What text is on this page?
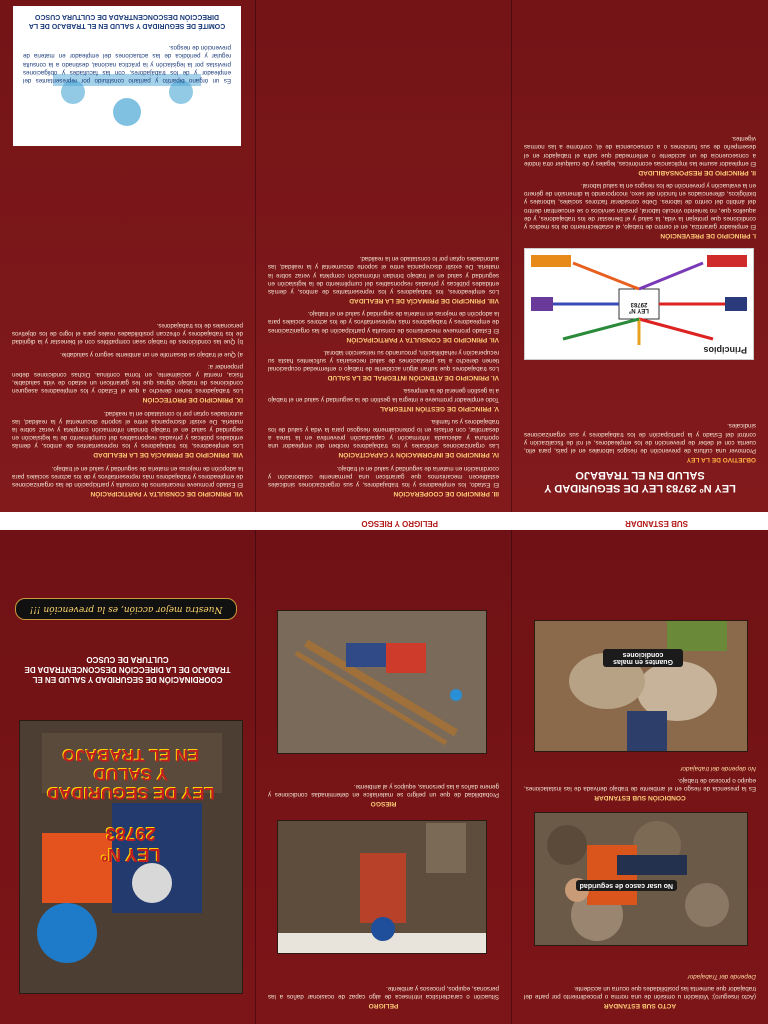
ACTO SUB ESTANDAR

(Acto inseguro): Violación u omisión de una norma o procedimiento por parte del trabajador que aumenta las posibilidades que ocurra un accidente.

Depende del Trabajador

No usar casco de seguridad
CONDICIÓN SUB ESTANDAR

Es la presencia de riesgo en el ambiente de trabajo derivada de las instalaciones, equipo o proceso de trabajo.

No depende del trabajador

Guantes en malas condiciones
PELIGRO

Situación o característica intrínseca de algo capaz de ocasionar daños a las personas, equipos, procesos y ambiente.

RIESGO

Probabilidad de que un peligro se materialice en determinadas condiciones y genere daños a las personas, equipos y al ambiente.

LEY Nº
29783
LEY DE SEGURIDAD
Y SALUD
EN EL TRABAJO
COORDINACIÓN DE SEGURIDAD Y SALUD EN EL TRABAJO DE LA DIRECCIÓN DESCONCENTRADA DE CULTURA DE CUSCO
Nuestra mejor acción, es la prevención !!!
PELIGRO Y RIESGO	SUB ESTANDAR
LEY Nº 29783 LEY DE SEGURIDAD Y SALUD EN EL TRABAJO
OBJETIVO DE LA LEY

Promover una cultura de prevención de riesgos laborales en el país, para ello, cuenta con el deber de prevención de los empleadores, el rol de fiscalización y control del Estado y la participación de los trabajadores y sus organizaciones sindicales.

Principios
LEY Nº 29783
I. PRINCIPIO DE PREVENCIÓN

El empleador garantiza, en el centro de trabajo, el establecimiento de los medios y condiciones que protejan la vida, la salud y el bienestar de los trabajadores, y de aquellos que, no teniendo vínculo laboral, prestan servicios o se encuentran dentro del ámbito del centro de labores. Debe considerar factores sociales, laborales y biológicos, diferenciados en función del sexo, incorporando la dimensión de género en la evaluación y prevención de los riesgos en la salud laboral.

II. PRINCIPIO DE RESPONSABILIDAD

El empleador asume las implicancias económicas, legales y de cualquier otra índole a consecuencia de un accidente o enfermedad que sufra el trabajador en el desempeño de sus funciones o a consecuencia de él, conforme a las normas vigentes.

III. PRINCIPIO DE COOPERACIÓN

El Estado, los empleadores y los trabajadores, y sus organizaciones sindicales establecen mecanismos que garanticen una permanente colaboración y coordinación en materia de seguridad y salud en el trabajo.

IV. PRINCIPIO DE INFORMACIÓN Y CAPACITACIÓN

Las organizaciones sindicales y los trabajadores reciben del empleador una oportuna y adecuada información y capacitación preventiva en la tarea a desarrollar, con énfasis en lo potencialmente riesgoso para la vida y salud de los trabajadores y su familia.

V. PRINCIPIO DE GESTIÓN INTEGRAL

Todo empleador promueve e integra la gestión de la seguridad y salud en el trabajo a la gestión general de la empresa.

VI. PRINCIPIO DE ATENCIÓN INTEGRAL DE LA SALUD

Los trabajadores que sufran algún accidente de trabajo o enfermedad ocupacional tienen derecho a las prestaciones de salud necesarias y suficientes hasta su recuperación y rehabilitación, procurando su reinserción laboral.

VII. PRINCIPIO DE CONSULTA Y PARTICIPACIÓN

El Estado promueve mecanismos de consulta y participación de las organizaciones de empleadores y trabajadores más representativos y de los actores sociales para la adopción de mejoras en materia de seguridad y salud en el trabajo.

VIII. PRINCIPIO DE PRIMACÍA DE LA REALIDAD

Los empleadores, los trabajadores y los representantes de ambos, y demás entidades públicas y privadas responsables del cumplimiento de la legislación en seguridad y salud en el trabajo brindan información completa y veraz sobre la materia. De existir discrepancia entre el soporte documental y la realidad, las autoridades optan por lo constatado en la realidad.

VII. PRINCIPIO DE CONSULTA Y PARTICIPACIÓN

El Estado promueve mecanismos de consulta y participación de las organizaciones de empleadores y trabajadores más representativos y de los actores sociales para la adopción de mejoras en materia de seguridad y salud en el trabajo.

VIII. PRINCIPIO DE PRIMACÍA DE LA REALIDAD

Los empleadores, los trabajadores y los representantes de ambos, y demás entidades públicas y privadas responsables del cumplimiento de la legislación en seguridad y salud en el trabajo brindan información completa y veraz sobre la materia. De existir discrepancia entre el soporte documental y la realidad, las autoridades optan por lo constatado en la realidad.

IX. PRINCIPIO DE PROTECCIÓN

Los trabajadores tienen derecho a que el Estado y los empleadores aseguren condiciones de trabajo dignas que les garanticen un estado de vida saludable, física, mental y socialmente, en forma continua. Dichas condiciones deben propender a:

a) Que el trabajo se desarrolle en un ambiente seguro y saludable.

b) Que las condiciones de trabajo sean compatibles con el bienestar y la dignidad de los trabajadores y ofrezcan posibilidades reales para el logro de los objetivos personales de los trabajadores.

Es un órgano bipartito y paritario constituido por representantes del empleador y de los trabajadores, con las facultades y obligaciones previstas por la legislación y la práctica nacional, destinado a la consulta regular y periódica de las actuaciones del empleador en materia de prevención de riesgos.

COMITÉ DE SEGURIDAD Y SALUD EN EL TRABAJO DE LA DIRECCIÓN DESCONCENTRADA DE CULTURA CUSCO
